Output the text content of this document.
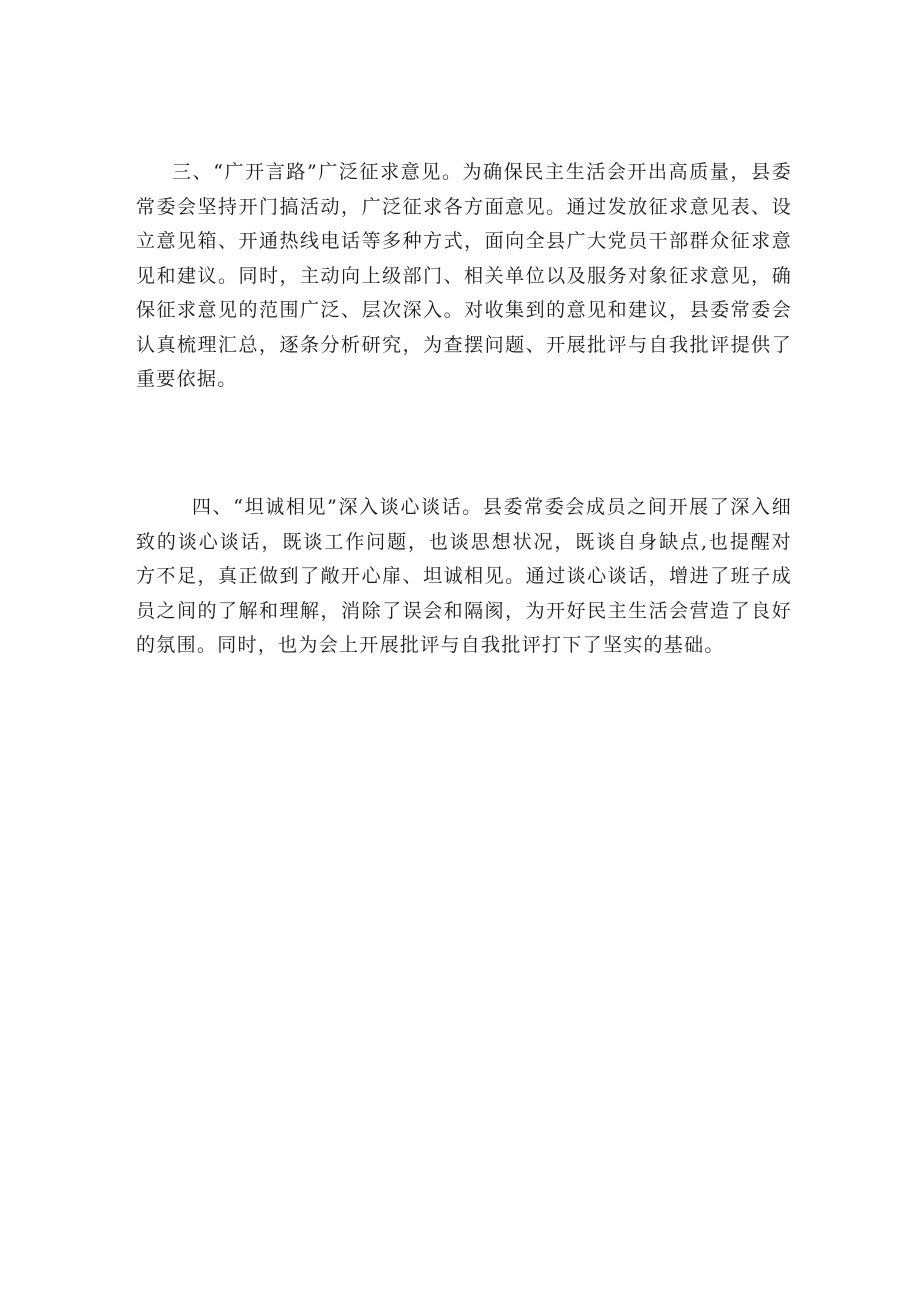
三、“广开言路”广泛征求意见。为确保民主生活会开出高质量，县委常委会坚持开门搞活动，广泛征求各方面意见。通过发放征求意见表、设立意见箱、开通热线电话等多种方式，面向全县广大党员干部群众征求意见和建议。同时，主动向上级部门、相关单位以及服务对象征求意见，确保征求意见的范围广泛、层次深入。对收集到的意见和建议，县委常委会认真梳理汇总，逐条分析研究，为查摆问题、开展批评与自我批评提供了重要依据。

四、“坦诚相见”深入谈心谈话。县委常委会成员之间开展了深入细致的谈心谈话，既谈工作问题，也谈思想状况，既谈自身缺点,也提醒对方不足，真正做到了敞开心扉、坦诚相见。通过谈心谈话，增进了班子成员之间的了解和理解，消除了误会和隔阂，为开好民主生活会营造了良好的氛围。同时，也为会上开展批评与自我批评打下了坚实的基础。
